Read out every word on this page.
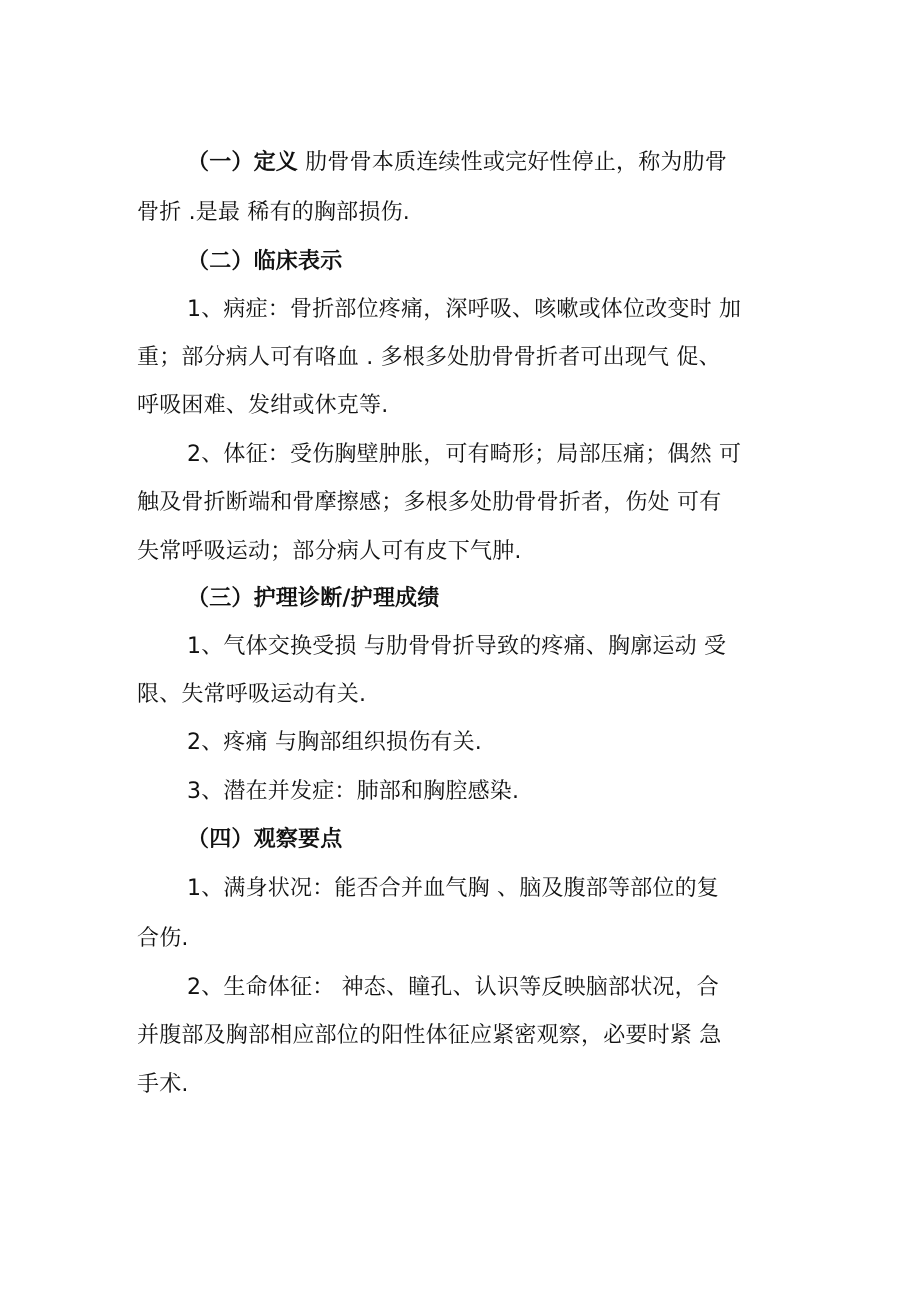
（一）定义 肋骨骨本质连续性或完好性停止，称为肋骨
骨折 .是最 稀有的胸部损伤.
（二）临床表示
1、病症：骨折部位疼痛，深呼吸、咳嗽或体位改变时 加
重；部分病人可有咯血 . 多根多处肋骨骨折者可出现气 促、
呼吸困难、发绀或休克等.
2、体征：受伤胸壁肿胀，可有畸形；局部压痛；偶然 可
触及骨折断端和骨摩擦感；多根多处肋骨骨折者，伤处 可有
失常呼吸运动；部分病人可有皮下气肿.
（三）护理诊断/护理成绩
1、气体交换受损 与肋骨骨折导致的疼痛、胸廓运动 受
限、失常呼吸运动有关.
2、疼痛 与胸部组织损伤有关.
3、潜在并发症：肺部和胸腔感染.
（四）观察要点
1、满身状况：能否合并血气胸 、脑及腹部等部位的复
合伤.
2、生命体征： 神态、瞳孔、认识等反映脑部状况，合
并腹部及胸部相应部位的阳性体征应紧密观察，必要时紧 急
手术.
